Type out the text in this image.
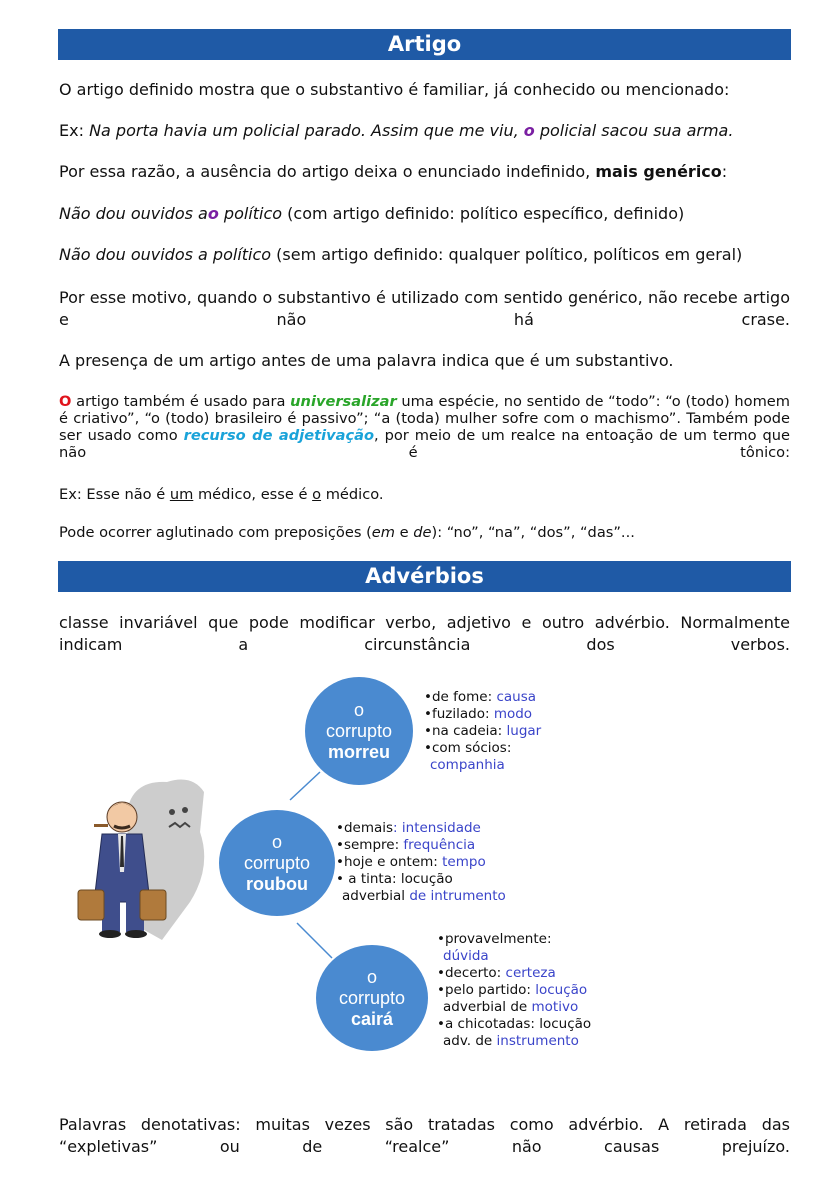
Artigo

O artigo definido mostra que o substantivo é familiar, já conhecido ou mencionado:

Ex: Na porta havia um policial parado. Assim que me viu, o policial sacou sua arma.

Por essa razão, a ausência do artigo deixa o enunciado indefinido, mais genérico:

Não dou ouvidos ao político (com artigo definido: político específico, definido)

Não dou ouvidos a político (sem artigo definido: qualquer político, políticos em geral)

Por esse motivo, quando o substantivo é utilizado com sentido genérico, não recebe artigo e não há crase.

A presença de um artigo antes de uma palavra indica que é um substantivo.

O artigo também é usado para universalizar uma espécie, no sentido de “todo”: “o (todo) homem é criativo”, “o (todo) brasileiro é passivo”; “a (toda) mulher sofre com o machismo”. Também pode ser usado como recurso de adjetivação, por meio de um realce na entoação de um termo que não é tônico:

Ex: Esse não é um médico, esse é o médico.

Pode ocorrer aglutinado com preposições (em e de): “no”, “na”, “dos”, “das”...

Advérbios

classe invariável que pode modificar verbo, adjetivo e outro advérbio. Normalmente indicam a circunstância dos verbos.

o
corrupto
morreu
o
corrupto
roubou
o
corrupto
cairá
•de fome: causa
•fuzilado: modo
•na cadeia: lugar
•com sócios:
companhia
•demais: intensidade
•sempre: frequência
•hoje e ontem: tempo
• a tinta: locução
adverbial de intrumento
•provavelmente:
dúvida
•decerto: certeza
•pelo partido: locução
adverbial de motivo
•a chicotadas: locução
adv. de instrumento

Palavras denotativas: muitas vezes são tratadas como advérbio. A retirada das “expletivas” ou de “realce” não causas prejuízo.
